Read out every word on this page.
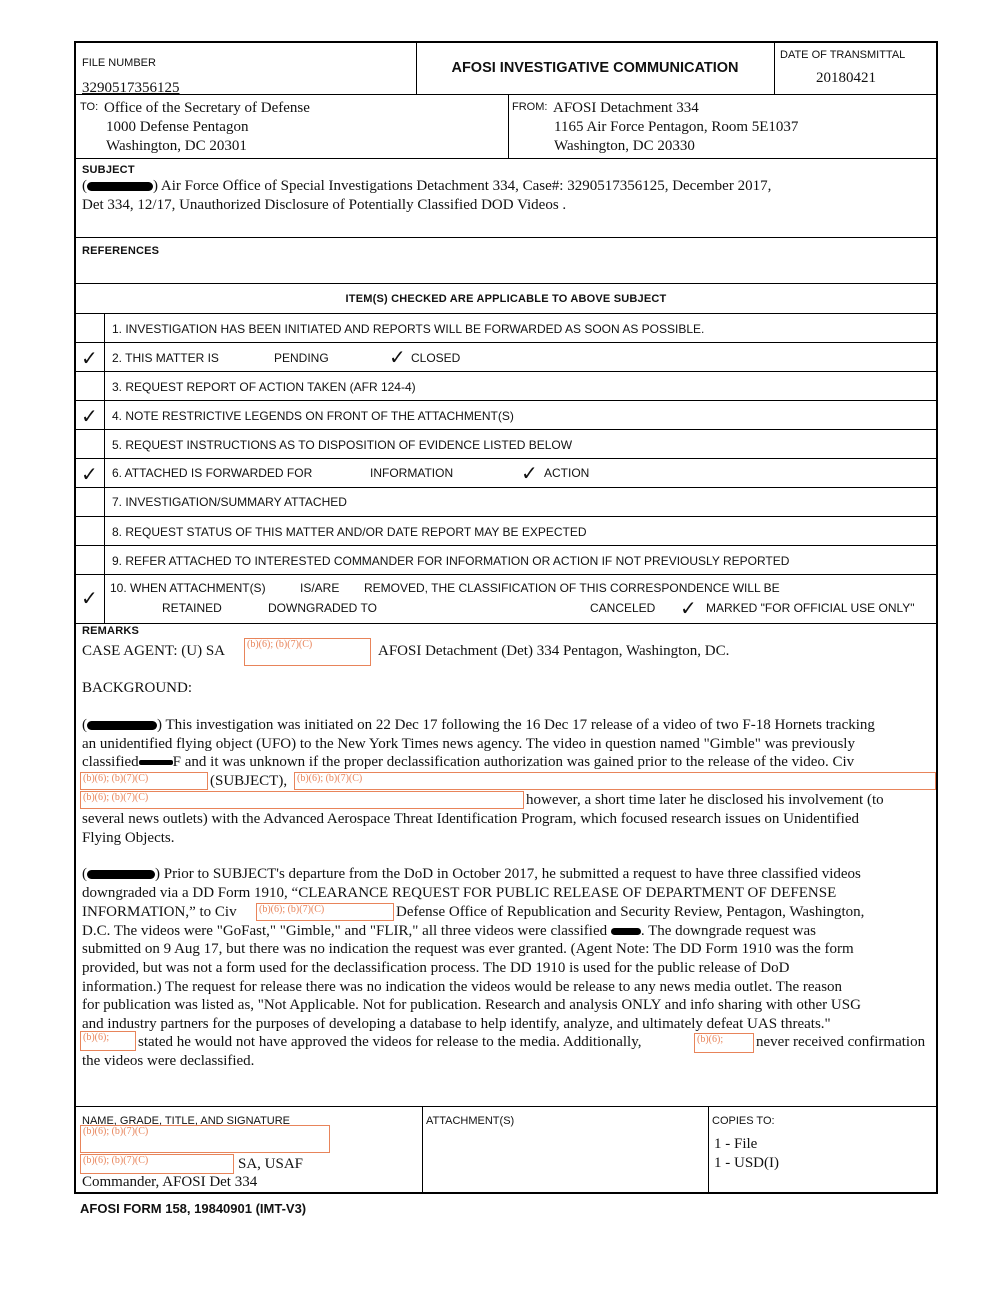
FILE NUMBER
3290517356125
AFOSI INVESTIGATIVE COMMUNICATION
DATE OF TRANSMITTAL
20180421
TO: Office of the Secretary of Defense
1000 Defense Pentagon
Washington, DC 20301
FROM: AFOSI Detachment 334
1165 Air Force Pentagon, Room 5E1037
Washington, DC 20330
SUBJECT
(	) Air Force Office of Special Investigations Detachment 334, Case#: 3290517356125, December 2017,
Det 334, 12/17, Unauthorized Disclosure of Potentially Classified DOD Videos .
REFERENCES
ITEM(S) CHECKED ARE APPLICABLE TO ABOVE SUBJECT
1. INVESTIGATION HAS BEEN INITIATED AND REPORTS WILL BE FORWARDED AS SOON AS POSSIBLE.
✓ 2. THIS MATTER IS	PENDING	✓ CLOSED
3. REQUEST REPORT OF ACTION TAKEN (AFR 124-4)
✓ 4. NOTE RESTRICTIVE LEGENDS ON FRONT OF THE ATTACHMENT(S)
5. REQUEST INSTRUCTIONS AS TO DISPOSITION OF EVIDENCE LISTED BELOW
✓ 6. ATTACHED IS FORWARDED FOR	INFORMATION	✓ ACTION
7. INVESTIGATION/SUMMARY ATTACHED
8. REQUEST STATUS OF THIS MATTER AND/OR DATE REPORT MAY BE EXPECTED
9. REFER ATTACHED TO INTERESTED COMMANDER FOR INFORMATION OR ACTION IF NOT PREVIOUSLY REPORTED
✓ 10. WHEN ATTACHMENT(S)	IS/ARE REMOVED, THE CLASSIFICATION OF THIS CORRESPONDENCE WILL BE
RETAINED	DOWNGRADED TO	CANCELED ✓ MARKED "FOR OFFICIAL USE ONLY"
REMARKS
CASE AGENT: (U) SA (b)(6); (b)(7)(C)	AFOSI Detachment (Det) 334 Pentagon, Washington, DC.
BACKGROUND:
(	) This investigation was initiated on 22 Dec 17 following the 16 Dec 17 release of a video of two F-18 Hornets tracking
an unidentified flying object (UFO) to the New York Times news agency. The video in question named "Gimble" was previously
classified F and it was unknown if the proper declassification authorization was gained prior to the release of the video. Civ
(b)(6); (b)(7)(C)	(SUBJECT), (b)(6); (b)(7)(C)
(b)(6); (b)(7)(C)	however, a short time later he disclosed his involvement (to
several news outlets) with the Advanced Aerospace Threat Identification Program, which focused research issues on Unidentified
Flying Objects.
(	) Prior to SUBJECT's departure from the DoD in October 2017, he submitted a request to have three classified videos
downgraded via a DD Form 1910, “CLEARANCE REQUEST FOR PUBLIC RELEASE OF DEPARTMENT OF DEFENSE
INFORMATION,” to Civ (b)(6); (b)(7)(C)	Defense Office of Republication and Security Review, Pentagon, Washington,
D.C. The videos were "GoFast," "Gimble," and "FLIR," all three videos were classified . The downgrade request was
submitted on 9 Aug 17, but there was no indication the request was ever granted. (Agent Note: The DD Form 1910 was the form
provided, but was not a form used for the declassification process. The DD 1910 is used for the public release of DoD
information.) The request for release there was no indication the videos would be release to any news media outlet. The reason
for publication was listed as, "Not Applicable. Not for publication. Research and analysis ONLY and info sharing with other USG
and industry partners for the purposes of developing a database to help identify, analyze, and ultimately defeat UAS threats."
(b)(6); stated he would not have approved the videos for release to the media. Additionally,	(b)(6); never received confirmation
the videos were declassified.
NAME, GRADE, TITLE, AND SIGNATURE
(b)(6); (b)(7)(C)
(b)(6); (b)(7)(C)	SA, USAF
Commander, AFOSI Det 334
ATTACHMENT(S)	COPIES TO:
1 - File
1 - USD(I)
AFOSI FORM 158, 19840901 (IMT-V3)
